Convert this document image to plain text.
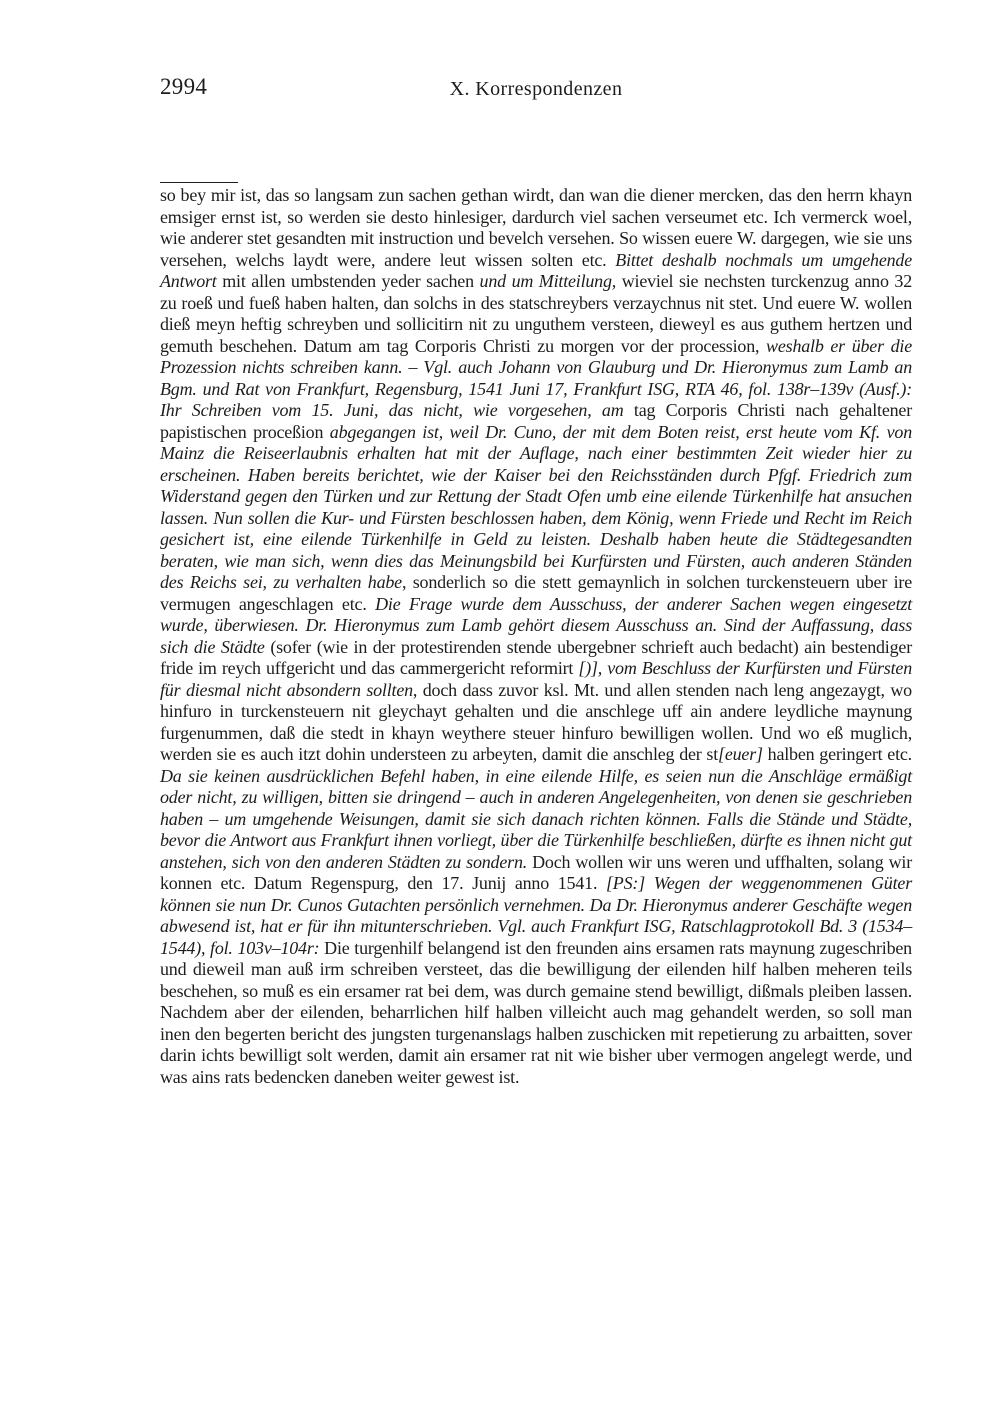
2994	X. Korrespondenzen

so bey mir ist, das so langsam zun sachen gethan wirdt, dan wan die diener mercken, das den herrn khayn emsiger ernst ist, so werden sie desto hinlesiger, dardurch viel sachen verseumet etc. Ich vermerck woel, wie anderer stet gesandten mit instruction und bevelch versehen. So wissen euere W. dargegen, wie sie uns versehen, welchs laydt were, andere leut wissen solten etc. Bittet deshalb nochmals um umgehende Antwort mit allen umbstenden yeder sachen und um Mitteilung, wieviel sie nechsten turckenzug anno 32 zu roeß und fueß haben halten, dan solchs in des statschreybers verzaychnus nit stet. Und euere W. wollen dieß meyn heftig schreyben und sollicitirn nit zu unguthem versteen, dieweyl es aus guthem hertzen und gemuth beschehen. Datum am tag Corporis Christi zu morgen vor der procession, weshalb er über die Prozession nichts schreiben kann. – Vgl. auch Johann von Glauburg und Dr. Hieronymus zum Lamb an Bgm. und Rat von Frankfurt, Regensburg, 1541 Juni 17, Frankfurt ISG, RTA 46, fol. 138r–139v (Ausf.): Ihr Schreiben vom 15. Juni, das nicht, wie vorgesehen, am tag Corporis Christi nach gehaltener papistischen proceßion abgegangen ist, weil Dr. Cuno, der mit dem Boten reist, erst heute vom Kf. von Mainz die Reiseerlaubnis erhalten hat mit der Auflage, nach einer bestimmten Zeit wieder hier zu erscheinen. Haben bereits berichtet, wie der Kaiser bei den Reichsständen durch Pfgf. Friedrich zum Widerstand gegen den Türken und zur Rettung der Stadt Ofen umb eine eilende Türkenhilfe hat ansuchen lassen. Nun sollen die Kur- und Fürsten beschlossen haben, dem König, wenn Friede und Recht im Reich gesichert ist, eine eilende Türkenhilfe in Geld zu leisten. Deshalb haben heute die Städtegesandten beraten, wie man sich, wenn dies das Meinungsbild bei Kurfürsten und Fürsten, auch anderen Ständen des Reichs sei, zu verhalten habe, sonderlich so die stett gemaynlich in solchen turckensteuern uber ire vermugen angeschlagen etc. Die Frage wurde dem Ausschuss, der anderer Sachen wegen eingesetzt wurde, überwiesen. Dr. Hieronymus zum Lamb gehört diesem Ausschuss an. Sind der Auffassung, dass sich die Städte (sofer (wie in der protestirenden stende ubergebner schrieft auch bedacht) ain bestendiger fride im reych uffgericht und das cammergericht reformirt [)], vom Beschluss der Kurfürsten und Fürsten für diesmal nicht absondern sollten, doch dass zuvor ksl. Mt. und allen stenden nach leng angezaygt, wo hinfuro in turckensteuern nit gleychayt gehalten und die anschlege uff ain andere leydliche maynung furgenummen, daß die stedt in khayn weythere steuer hinfuro bewilligen wollen. Und wo eß muglich, werden sie es auch itzt dohin understeen zu arbeyten, damit die anschleg der st[euer] halben geringert etc. Da sie keinen ausdrücklichen Befehl haben, in eine eilende Hilfe, es seien nun die Anschläge ermäßigt oder nicht, zu willigen, bitten sie dringend – auch in anderen Angelegenheiten, von denen sie geschrieben haben – um umgehende Weisungen, damit sie sich danach richten können. Falls die Stände und Städte, bevor die Antwort aus Frankfurt ihnen vorliegt, über die Türkenhilfe beschließen, dürfte es ihnen nicht gut anstehen, sich von den anderen Städten zu sondern. Doch wollen wir uns weren und uffhalten, solang wir konnen etc. Datum Regenspurg, den 17. Junij anno 1541. [PS:] Wegen der weggenommenen Güter können sie nun Dr. Cunos Gutachten persönlich vernehmen. Da Dr. Hieronymus anderer Geschäfte wegen abwesend ist, hat er für ihn mitunterschrieben. Vgl. auch Frankfurt ISG, Ratschlagprotokoll Bd. 3 (1534–1544), fol. 103v–104r: Die turgenhilf belangend ist den freunden ains ersamen rats maynung zugeschriben und dieweil man auß irm schreiben versteet, das die bewilligung der eilenden hilf halben meheren teils beschehen, so muß es ein ersamer rat bei dem, was durch gemaine stend bewilligt, dißmals pleiben lassen. Nachdem aber der eilenden, beharrlichen hilf halben villeicht auch mag gehandelt werden, so soll man inen den begerten bericht des jungsten turgenanslags halben zuschicken mit repetierung zu arbaitten, sover darin ichts bewilligt solt werden, damit ain ersamer rat nit wie bisher uber vermogen angelegt werde, und was ains rats bedencken daneben weiter gewest ist.
